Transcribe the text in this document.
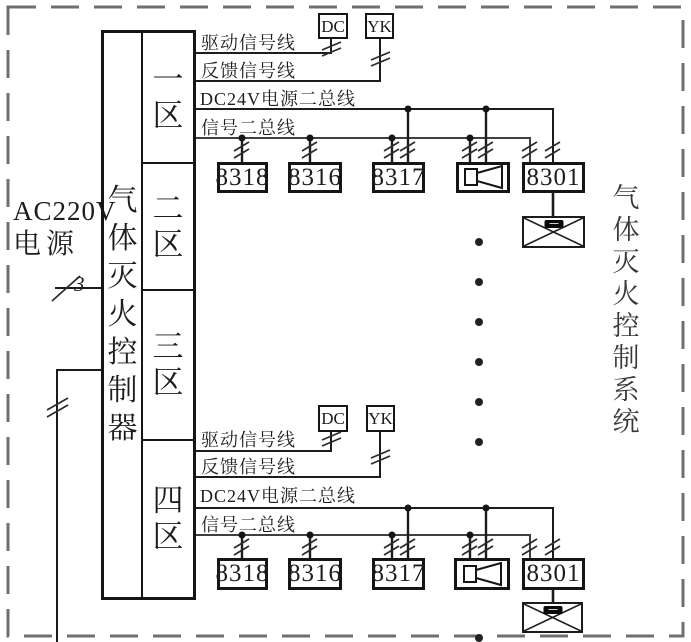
AC220V
电源
3
气体灭火控制器
一区
二区
三区
四区
DC YK
驱动信号线
反馈信号线
DC24V电源二总线
信号二总线
8318 8316 8317	8301
DC YK
驱动信号线
反馈信号线
DC24V电源二总线
信号二总线
8318 8316 8317	8301
气体灭火控制系统
